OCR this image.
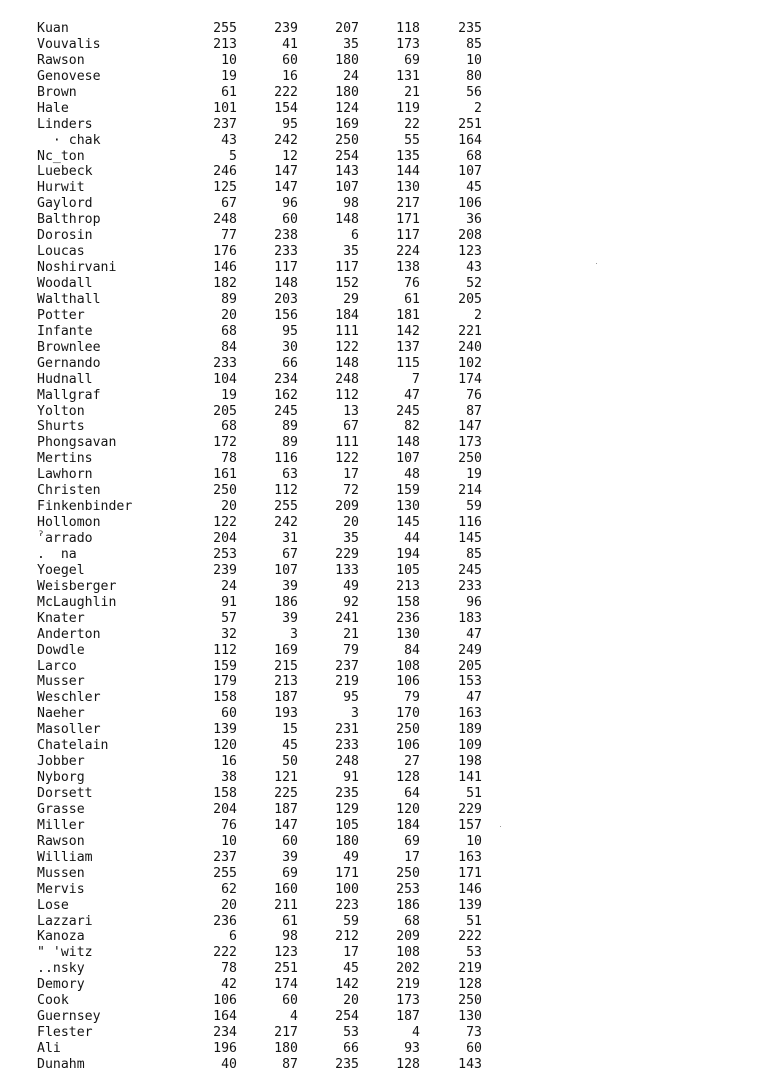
Kuan	255	239	207	118	235
Vouvalis	213	41	35	173	85
Rawson	10	60	180	69	10
Genovese	19	16	24	131	80
Brown	61	222	180	21	56
Hale	101	154	124	119	2
Linders	237	95	169	22	251
· chak	43	242	250	55	164
Nc_ton	5	12	254	135	68
Luebeck	246	147	143	144	107
Hurwit	125	147	107	130	45
Gaylord	67	96	98	217	106
Balthrop	248	60	148	171	36
Dorosin	77	238	6	117	208
Loucas	176	233	35	224	123
Noshirvani	146	117	117	138	43
Woodall	182	148	152	76	52
Walthall	89	203	29	61	205
Potter	20	156	184	181	2
Infante	68	95	111	142	221
Brownlee	84	30	122	137	240
Gernando	233	66	148	115	102
Hudnall	104	234	248	7	174
Mallgraf	19	162	112	47	76
Yolton	205	245	13	245	87
Shurts	68	89	67	82	147
Phongsavan	172	89	111	148	173
Mertins	78	116	122	107	250
Lawhorn	161	63	17	48	19
Christen	250	112	72	159	214
Finkenbinder	20	255	209	130	59
Hollomon	122	242	20	145	116
ˀarrado	204	31	35	44	145
.  na	253	67	229	194	85
Yoegel	239	107	133	105	245
Weisberger	24	39	49	213	233
McLaughlin	91	186	92	158	96
Knater	57	39	241	236	183
Anderton	32	3	21	130	47
Dowdle	112	169	79	84	249
Larco	159	215	237	108	205
Musser	179	213	219	106	153
Weschler	158	187	95	79	47
Naeher	60	193	3	170	163
Masoller	139	15	231	250	189
Chatelain	120	45	233	106	109
Jobber	16	50	248	27	198
Nyborg	38	121	91	128	141
Dorsett	158	225	235	64	51
Grasse	204	187	129	120	229
Miller	76	147	105	184	157
Rawson	10	60	180	69	10
William	237	39	49	17	163
Mussen	255	69	171	250	171
Mervis	62	160	100	253	146
Lose	20	211	223	186	139
Lazzari	236	61	59	68	51
Kanoza	6	98	212	209	222
" 'witz	222	123	17	108	53
..nsky	78	251	45	202	219
Demory	42	174	142	219	128
Cook	106	60	20	173	250
Guernsey	164	4	254	187	130
Flester	234	217	53	4	73
Ali	196	180	66	93	60
Dunahm	40	87	235	128	143
